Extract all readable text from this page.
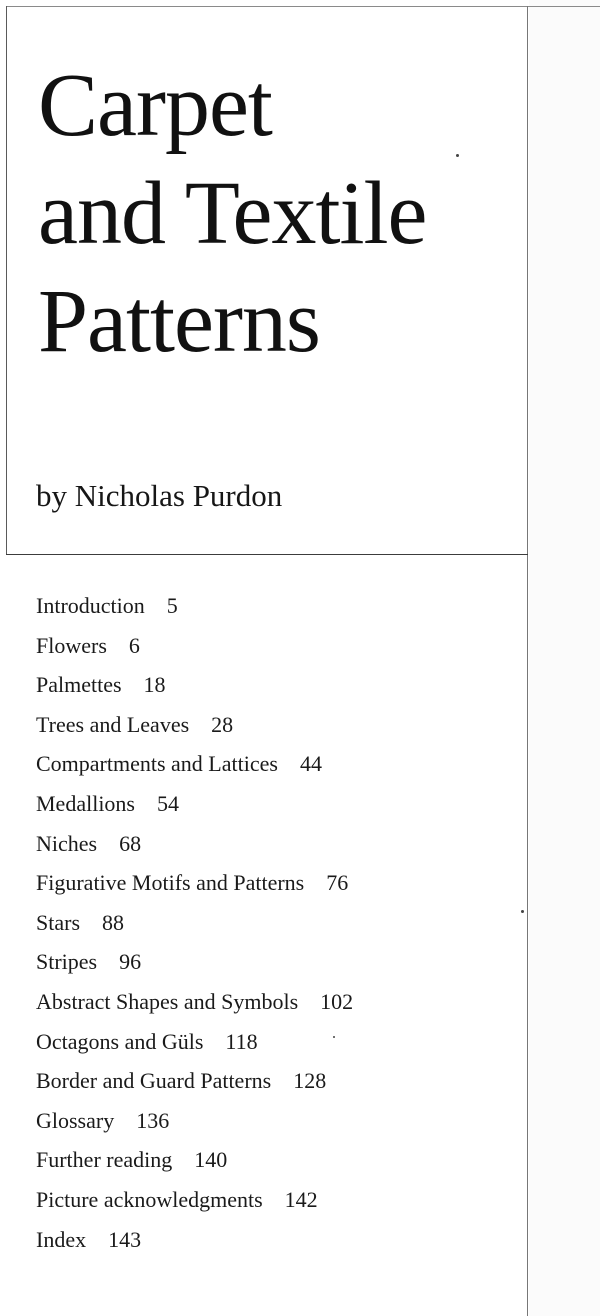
Carpet
and Textile
Patterns

by Nicholas Purdon

Introduction 5
Flowers 6
Palmettes 18
Trees and Leaves 28
Compartments and Lattices 44
Medallions 54
Niches 68
Figurative Motifs and Patterns 76
Stars 88
Stripes 96
Abstract Shapes and Symbols 102
Octagons and Güls 118
Border and Guard Patterns 128
Glossary 136
Further reading 140
Picture acknowledgments 142
Index 143
